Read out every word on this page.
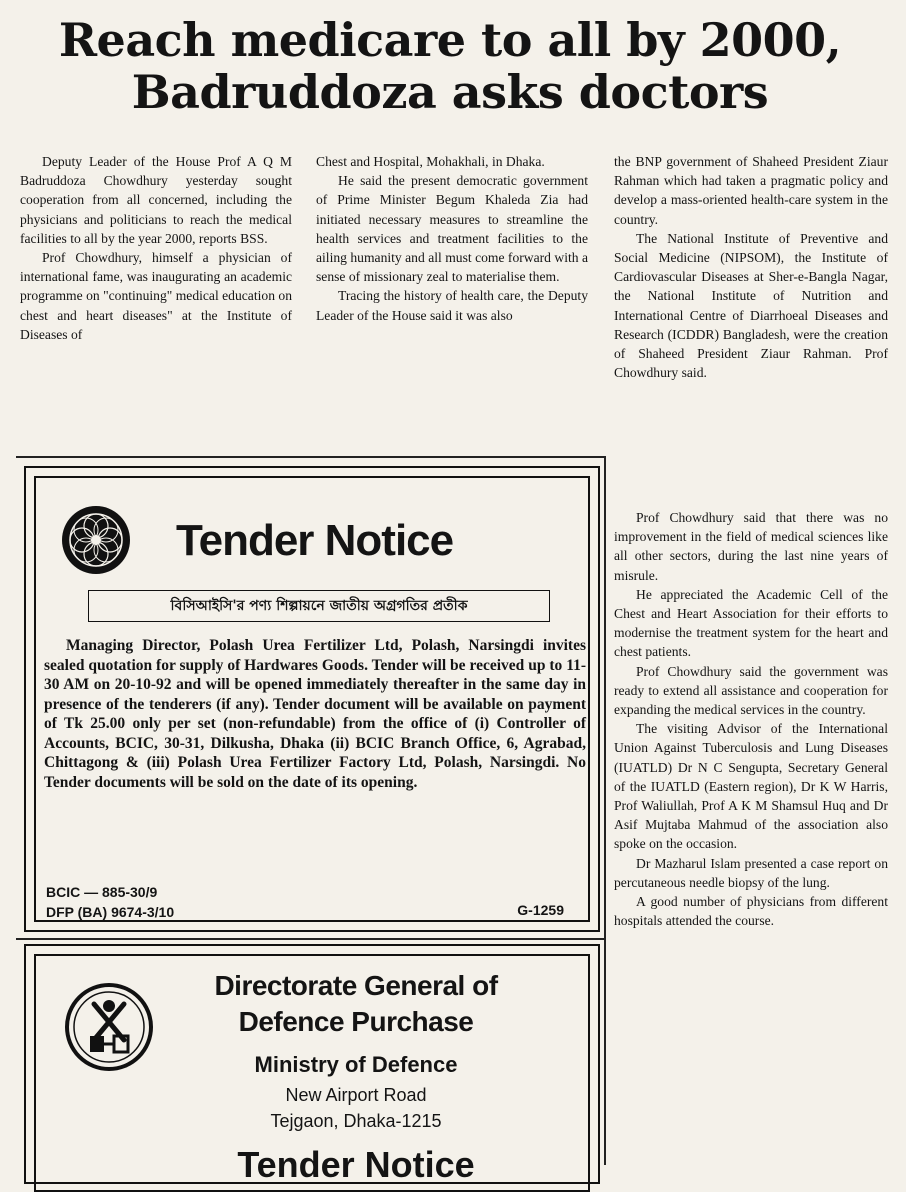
Reach medicare to all by 2000,
Badruddoza asks doctors

Deputy Leader of the House Prof A Q M Badruddoza Chowdhury yesterday sought cooperation from all concerned, including the physicians and politicians to reach the medical facilities to all by the year 2000, reports BSS.

Prof Chowdhury, himself a physician of international fame, was inaugurating an academic programme on "continuing" medical education on chest and heart diseases" at the Institute of Diseases of

Chest and Hospital, Mohakhali, in Dhaka.

He said the present democratic government of Prime Minister Begum Khaleda Zia had initiated necessary measures to streamline the health services and treatment facilities to the ailing humanity and all must come forward with a sense of missionary zeal to materialise them.

Tracing the history of health care, the Deputy Leader of the House said it was also

the BNP government of Shaheed President Ziaur Rahman which had taken a pragmatic policy and develop a mass-oriented health-care system in the country.

The National Institute of Preventive and Social Medicine (NIPSOM), the Institute of Cardiovascular Diseases at Sher-e-Bangla Nagar, the National Institute of Nutrition and International Centre of Diarrhoeal Diseases and Research (ICDDR) Bangladesh, were the creation of Shaheed President Ziaur Rahman. Prof Chowdhury said.

Prof Chowdhury said that there was no improvement in the field of medical sciences like all other sectors, during the last nine years of misrule.

He appreciated the Academic Cell of the Chest and Heart Association for their efforts to modernise the treatment system for the heart and chest patients.

Prof Chowdhury said the government was ready to extend all assistance and cooperation for expanding the medical services in the country.

The visiting Advisor of the International Union Against Tuberculosis and Lung Diseases (IUATLD) Dr N C Sengupta, Secretary General of the IUATLD (Eastern region), Dr K W Harris, Prof Waliullah, Prof A K M Shamsul Huq and Dr Asif Mujtaba Mahmud of the association also spoke on the occasion.

Dr Mazharul Islam presented a case report on percutaneous needle biopsy of the lung.

A good number of physicians from different hospitals attended the course.

Tender Notice
বিসিআইসি'র পণ্য শিল্পায়নে জাতীয় অগ্রগতির প্রতীক

Managing Director, Polash Urea Fertilizer Ltd, Polash, Narsingdi invites sealed quotation for supply of Hardwares Goods. Tender will be received up to 11-30 AM on 20-10-92 and will be opened immediately thereafter in the same day in presence of the tenderers (if any). Tender document will be available on payment of Tk 25.00 only per set (non-refundable) from the office of (i) Controller of Accounts, BCIC, 30-31, Dilkusha, Dhaka (ii) BCIC Branch Office, 6, Agrabad, Chittagong & (iii) Polash Urea Fertilizer Factory Ltd, Polash, Narsingdi. No Tender documents will be sold on the date of its opening.

BCIC — 885-30/9
DFP (BA) 9674-3/10	G-1259
Directorate General of
Defence Purchase
Ministry of Defence
New Airport Road
Tejgaon, Dhaka-1215
Tender Notice
